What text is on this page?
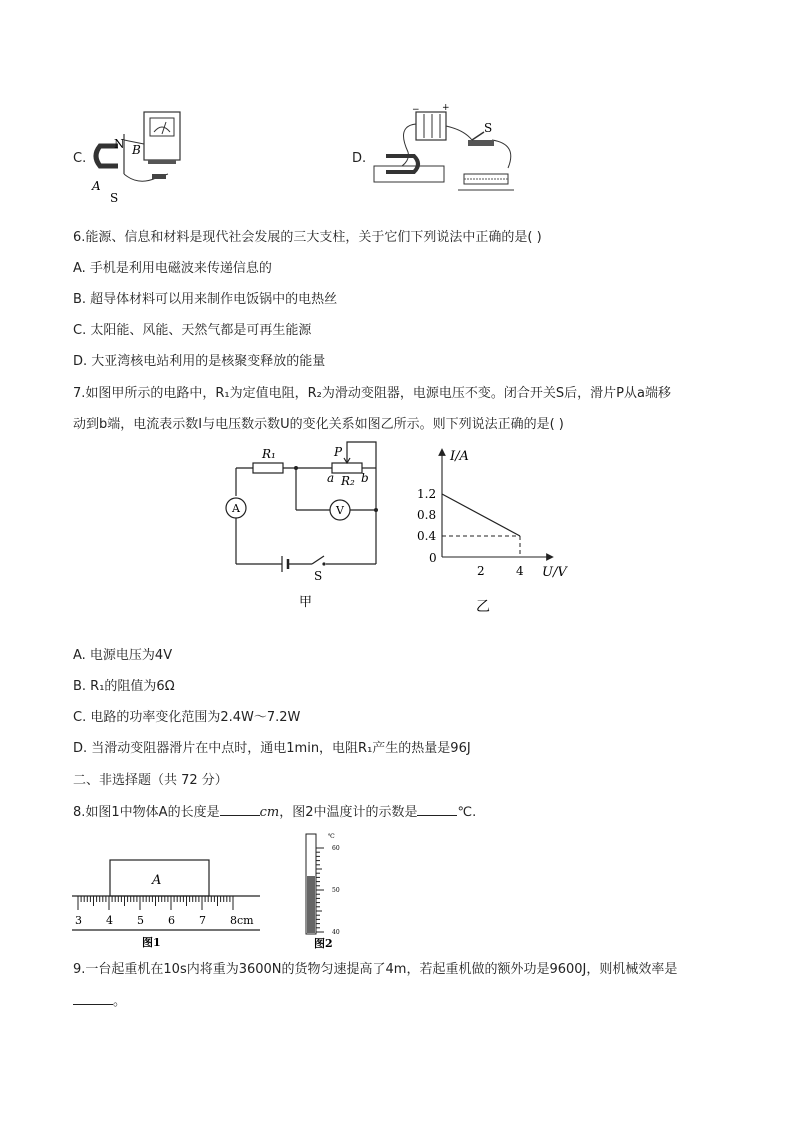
C.
N B
A
S
D.
− +
S
6.能源、信息和材料是现代社会发展的三大支柱，关于它们下列说法中正确的是( )
A. 手机是利用电磁波来传递信息的
B. 超导体材料可以用来制作电饭锅中的电热丝
C. 太阳能、风能、天然气都是可再生能源
D. 大亚湾核电站利用的是核聚变释放的能量
7.如图甲所示的电路中，R₁为定值电阻，R₂为滑动变阻器，电源电压不变。闭合开关S后，滑片P从a端移
动到b端，电流表示数I与电压数示数U的变化关系如图乙所示。则下列说法正确的是( )
R₁	P
a R₂ b
A	V
S
甲
1.2
0.8
0.4
2	4
I/A
U/V
0
乙
A. 电源电压为4V
B. R₁的阻值为6Ω
C. 电路的功率变化范围为2.4W～7.2W
D. 当滑动变阻器滑片在中点时，通电1min，电阻R₁产生的热量是96J
二、非选择题（共 72 分）
8.如图1中物体A的长度是	cm，图2中温度计的示数是	℃.
A
3 4 5 6 7 8cm
图1
60
50
40
℃
图2
9.一台起重机在10s内将重为3600N的货物匀速提高了4m，若起重机做的额外功是9600J，则机械效率是
。
